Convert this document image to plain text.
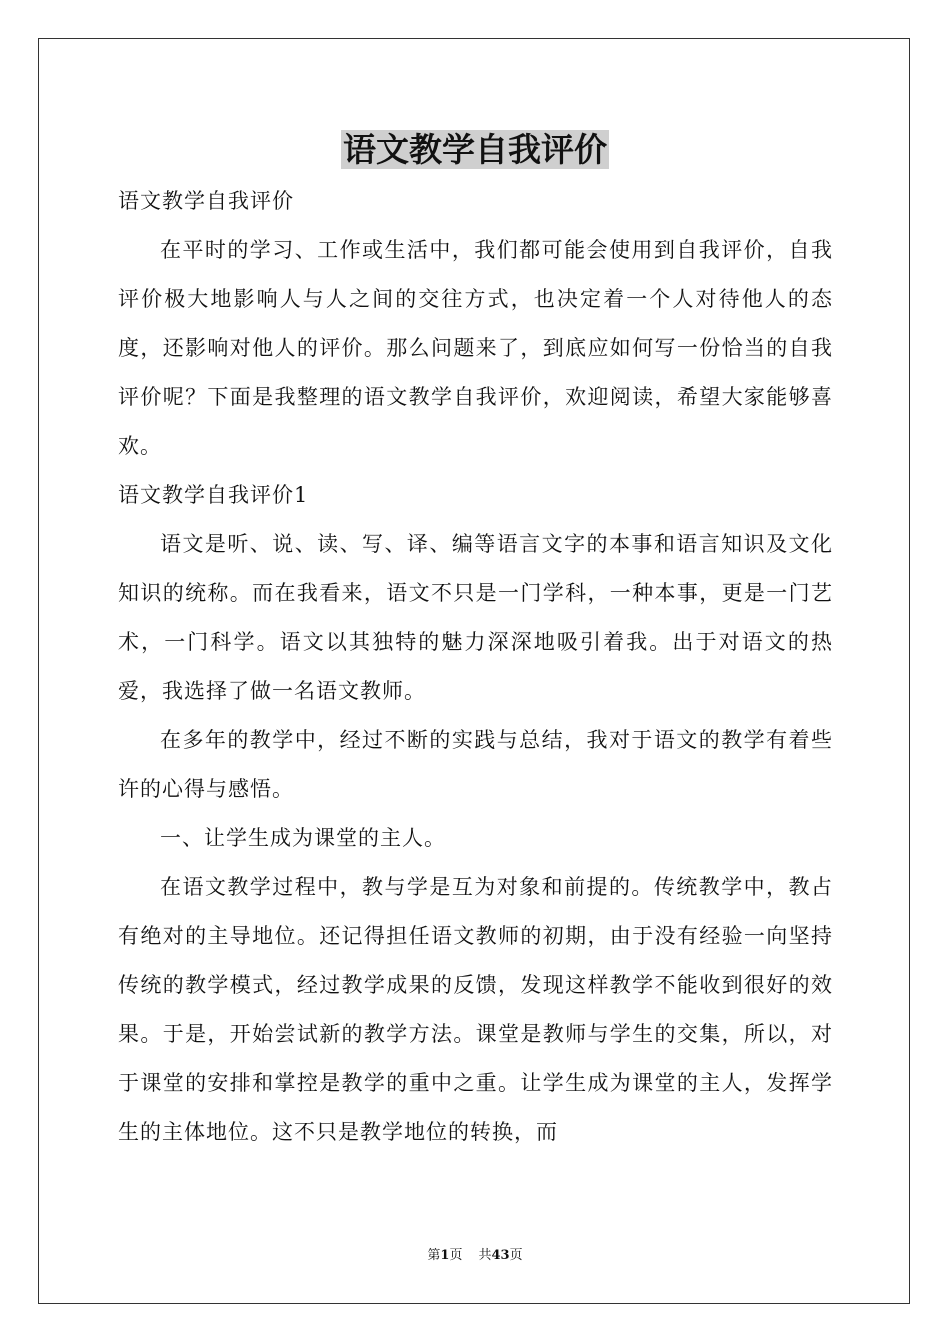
语文教学自我评价

语文教学自我评价

在平时的学习、工作或生活中，我们都可能会使用到自我评价，自我评价极大地影响人与人之间的交往方式，也决定着一个人对待他人的态度，还影响对他人的评价。那么问题来了，到底应如何写一份恰当的自我评价呢？下面是我整理的语文教学自我评价，欢迎阅读，希望大家能够喜欢。

语文教学自我评价1

语文是听、说、读、写、译、编等语言文字的本事和语言知识及文化知识的统称。而在我看来，语文不只是一门学科，一种本事，更是一门艺术，一门科学。语文以其独特的魅力深深地吸引着我。出于对语文的热爱，我选择了做一名语文教师。

在多年的教学中，经过不断的实践与总结，我对于语文的教学有着些许的心得与感悟。

一、让学生成为课堂的主人。

在语文教学过程中，教与学是互为对象和前提的。传统教学中，教占有绝对的主导地位。还记得担任语文教师的初期，由于没有经验一向坚持传统的教学模式，经过教学成果的反馈，发现这样教学不能收到很好的效果。于是，开始尝试新的教学方法。课堂是教师与学生的交集，所以，对于课堂的安排和掌控是教学的重中之重。让学生成为课堂的主人，发挥学生的主体地位。这不只是教学地位的转换，而

第1页 共43页
